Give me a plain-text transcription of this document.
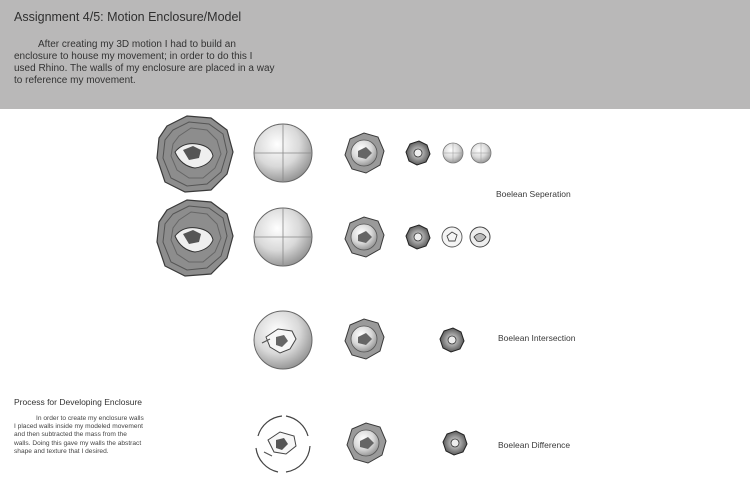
Assignment 4/5: Motion Enclosure/Model
After creating my 3D motion I had to build an enclosure to house my movement; in order to do this I used Rhino. The walls of my enclosure are placed in a way to reference my movement.
Boelean Seperation
Boelean Intersection
Boelean Difference
Process for Developing Enclosure
In order to create my enclosure walls I placed walls inside my modeled movement and then subtracted the mass from the walls. Doing this gave my walls the abstract shape and texture that I desired.
